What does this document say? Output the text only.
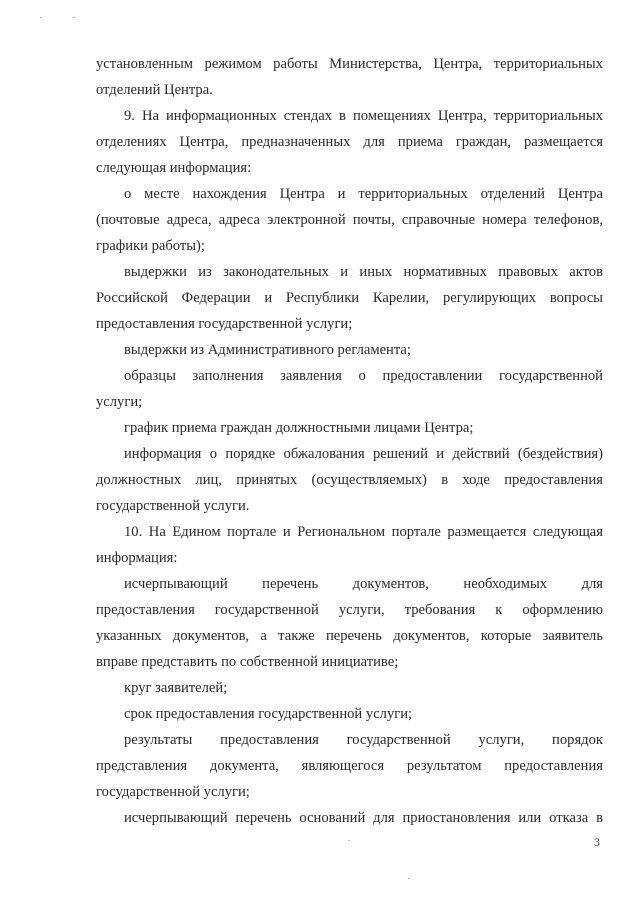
установленным режимом работы Министерства, Центра, территориальных
отделений Центра.
9. На информационных стендах в помещениях Центра, территориальных
отделениях Центра, предназначенных для приема граждан, размещается
следующая информация:
о месте нахождения Центра и территориальных отделений Центра
(почтовые адреса, адреса электронной почты, справочные номера телефонов,
графики работы);
выдержки из законодательных и иных нормативных правовых актов
Российской Федерации и Республики Карелии, регулирующих вопросы
предоставления государственной услуги;
выдержки из Административного регламента;
образцы заполнения заявления о предоставлении государственной
услуги;
график приема граждан должностными лицами Центра;
информация о порядке обжалования решений и действий (бездействия)
должностных лиц, принятых (осуществляемых) в ходе предоставления
государственной услуги.
10. На Едином портале и Региональном портале размещается следующая
информация:
исчерпывающий перечень документов, необходимых для
предоставления государственной услуги, требования к оформлению
указанных документов, а также перечень документов, которые заявитель
вправе представить по собственной инициативе;
круг заявителей;
срок предоставления государственной услуги;
результаты предоставления государственной услуги, порядок
представления документа, являющегося результатом предоставления
государственной услуги;
исчерпывающий перечень оснований для приостановления или отказа в
3
